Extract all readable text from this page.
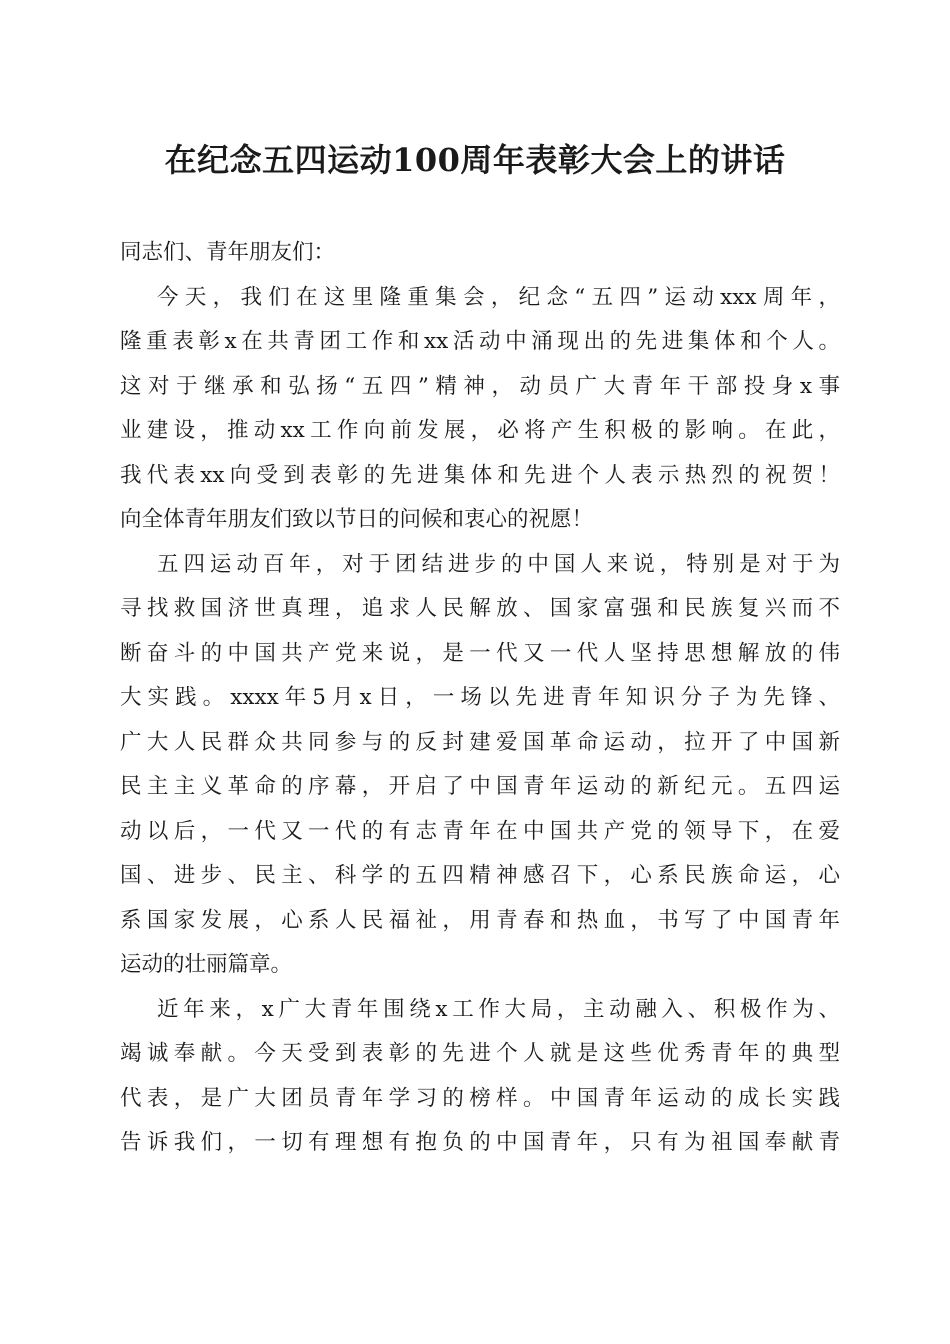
在纪念五四运动100周年表彰大会上的讲话
同志们、青年朋友们：
今天，我们在这里隆重集会，纪念“五四”运动xxx周年，
隆重表彰x在共青团工作和xx活动中涌现出的先进集体和个人。
这对于继承和弘扬“五四”精神，动员广大青年干部投身x事
业建设，推动xx工作向前发展，必将产生积极的影响。在此，
我代表xx向受到表彰的先进集体和先进个人表示热烈的祝贺！
向全体青年朋友们致以节日的问候和衷心的祝愿！
五四运动百年，对于团结进步的中国人来说，特别是对于为
寻找救国济世真理，追求人民解放、国家富强和民族复兴而不
断奋斗的中国共产党来说，是一代又一代人坚持思想解放的伟
大实践。xxxx年5月x日，一场以先进青年知识分子为先锋、
广大人民群众共同参与的反封建爱国革命运动，拉开了中国新
民主主义革命的序幕，开启了中国青年运动的新纪元。五四运
动以后，一代又一代的有志青年在中国共产党的领导下，在爱
国、进步、民主、科学的五四精神感召下，心系民族命运，心
系国家发展，心系人民福祉，用青春和热血，书写了中国青年
运动的壮丽篇章。
近年来，x广大青年围绕x工作大局，主动融入、积极作为、
竭诚奉献。今天受到表彰的先进个人就是这些优秀青年的典型
代表，是广大团员青年学习的榜样。中国青年运动的成长实践
告诉我们，一切有理想有抱负的中国青年，只有为祖国奉献青
